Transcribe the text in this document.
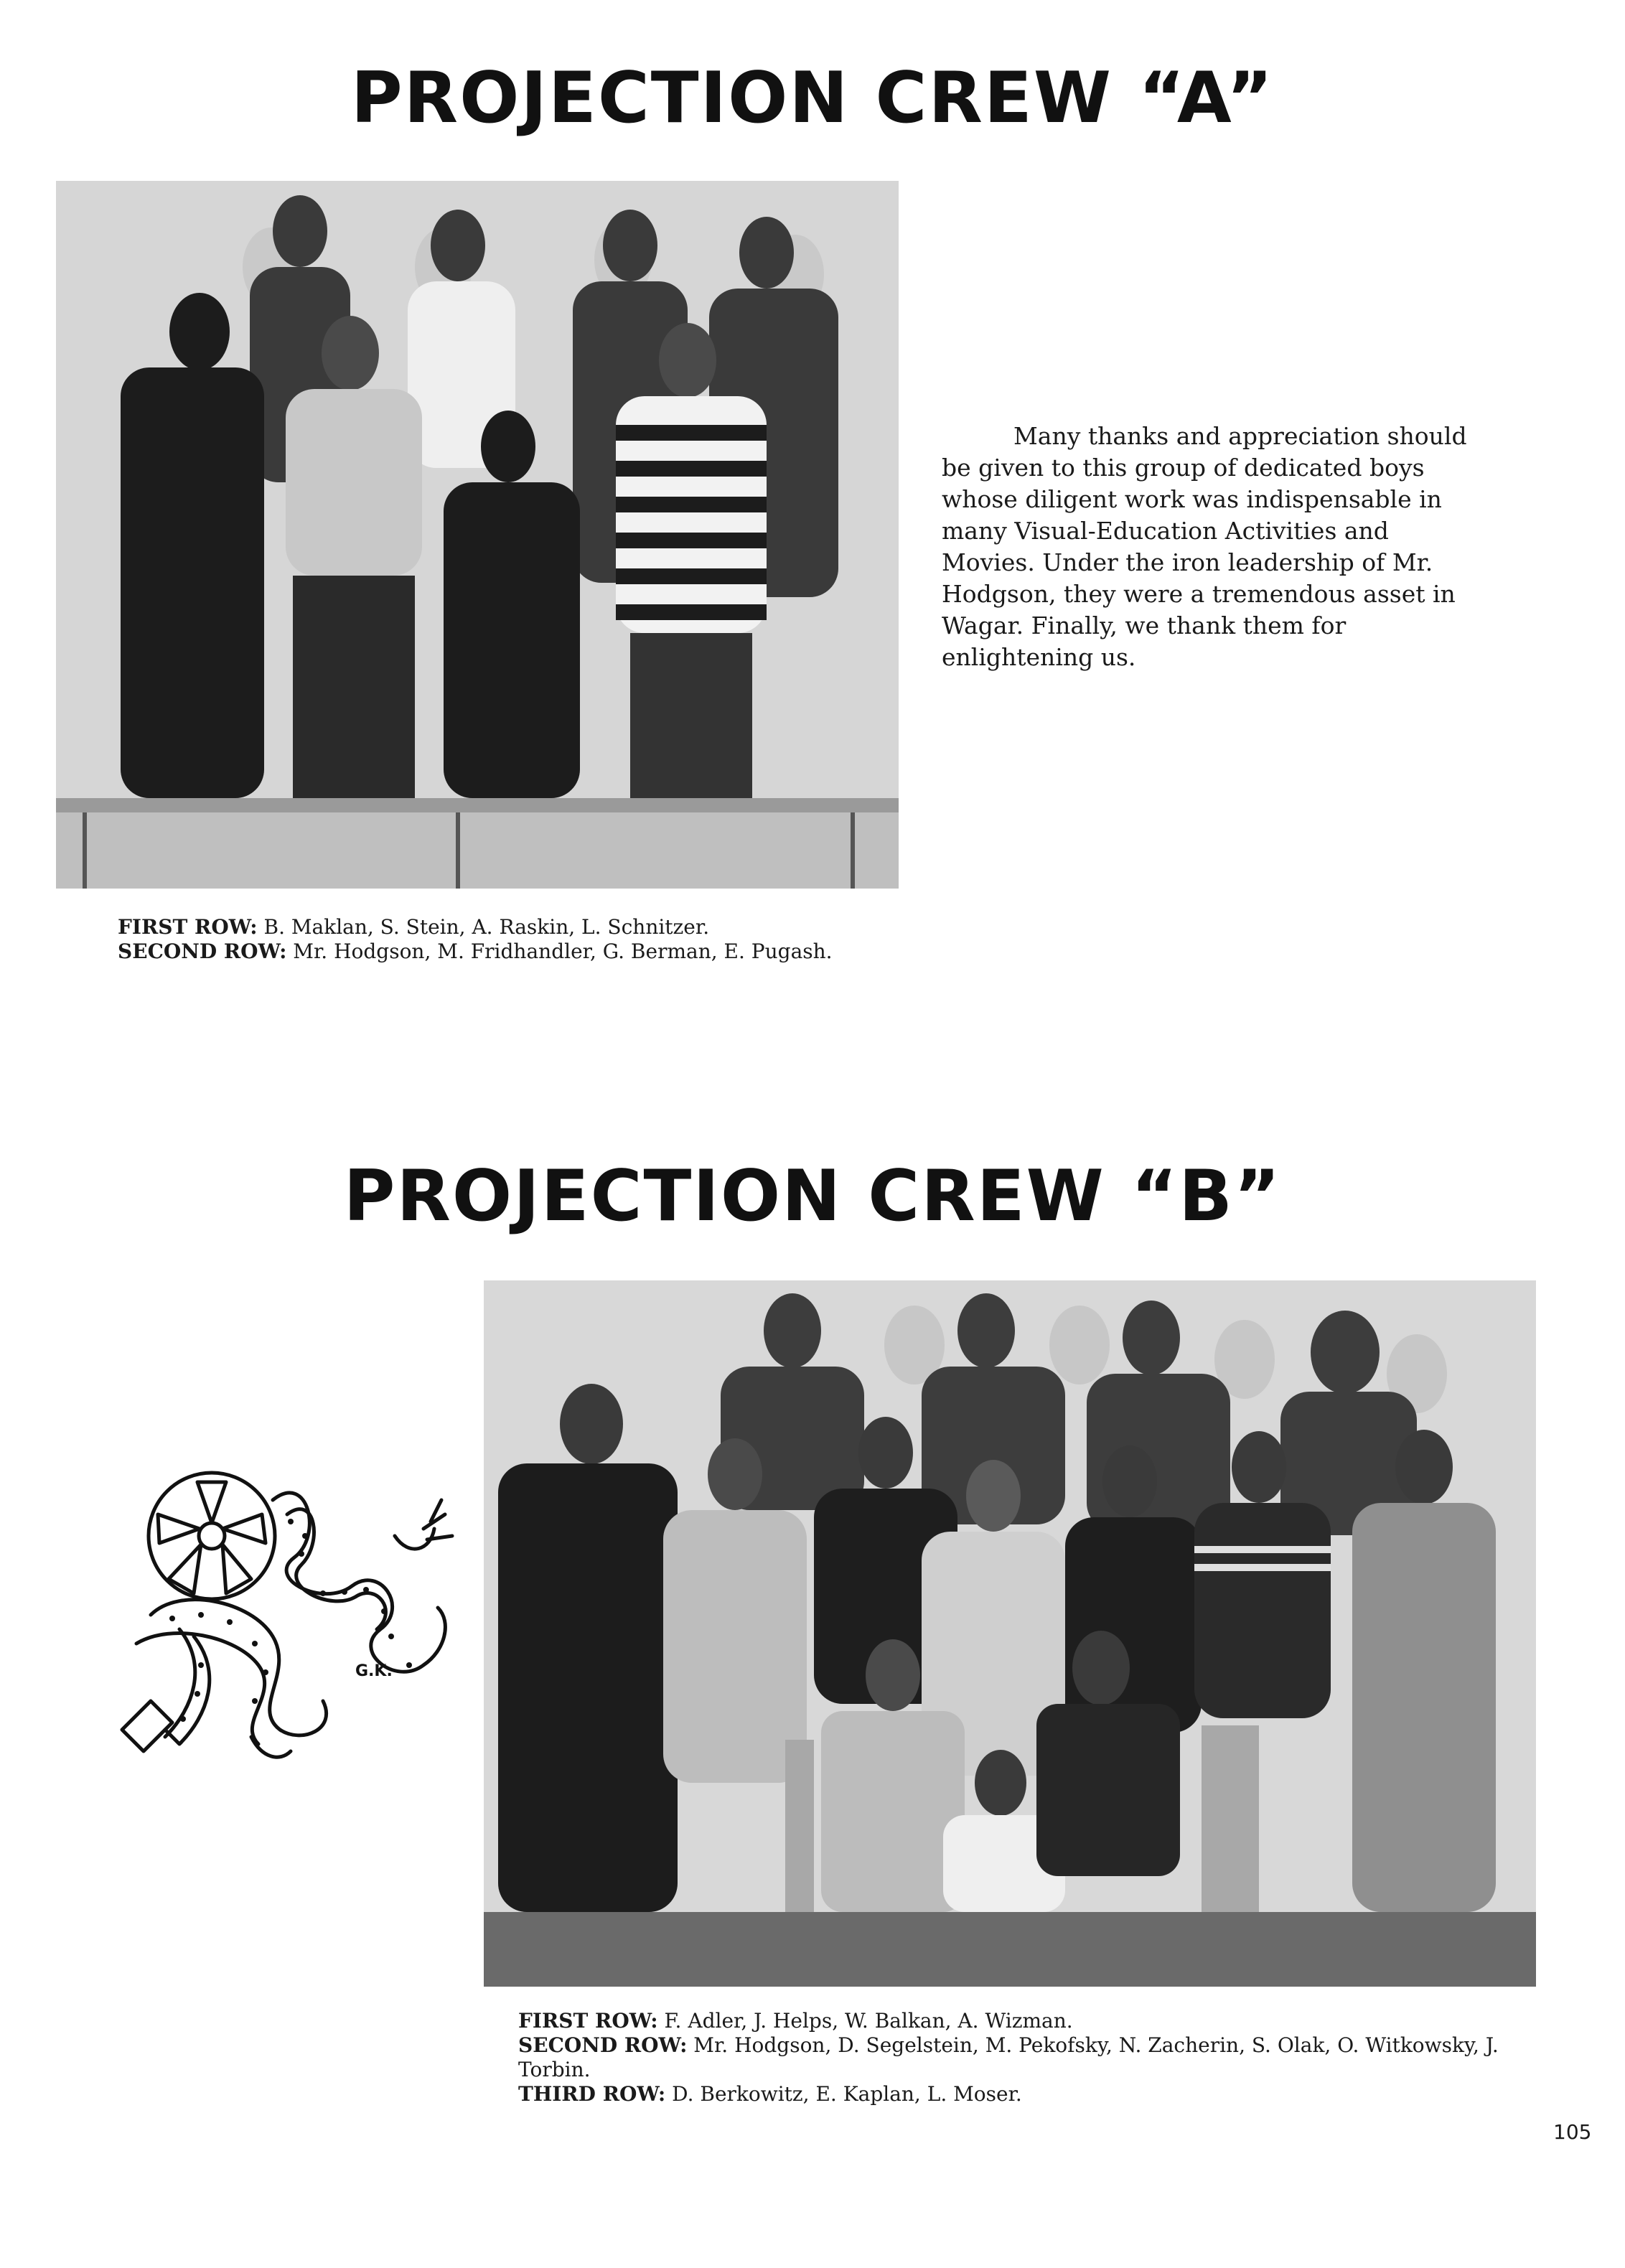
PROJECTION CREW “A”

Many thanks and appreciation should be given to this group of dedicated boys whose diligent work was indispensable in many Visual-Education Activities and Movies. Under the iron leadership of Mr. Hodgson, they were a tremendous asset in Wagar. Finally, we thank them for enlightening us.

FIRST ROW: B. Maklan, S. Stein, A. Raskin, L. Schnitzer.
SECOND ROW: Mr. Hodgson, M. Fridhandler, G. Berman, E. Pugash.
PROJECTION CREW “B”
G.K.
FIRST ROW: F. Adler, J. Helps, W. Balkan, A. Wizman.
SECOND ROW: Mr. Hodgson, D. Segelstein, M. Pekofsky, N. Zacherin, S. Olak, O. Witkowsky, J. Torbin.
THIRD ROW: D. Berkowitz, E. Kaplan, L. Moser.
105
